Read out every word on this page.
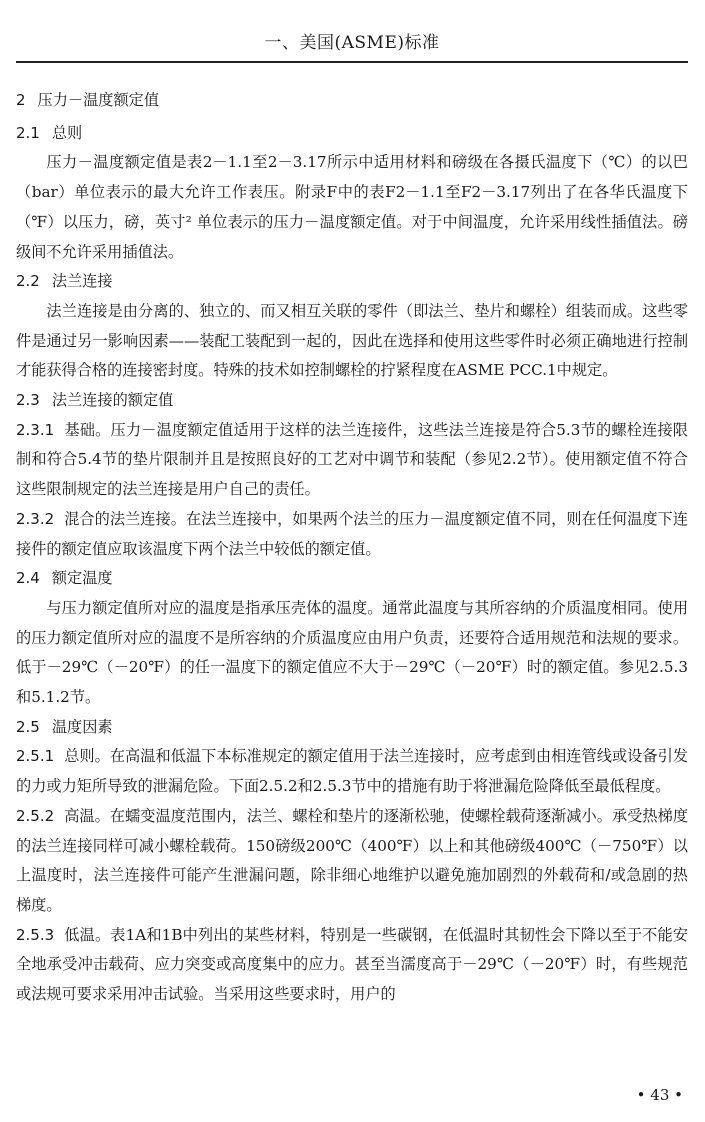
一、美国(ASME)标准

2 压力－温度额定值

2.1 总则

压力－温度额定值是表2－1.1至2－3.17所示中适用材料和磅级在各摄氏温度下（℃）的以巴（bar）单位表示的最大允许工作表压。附录F中的表F2－1.1至F2－3.17列出了在各华氏温度下（℉）以压力，磅，英寸² 单位表示的压力－温度额定值。对于中间温度，允许采用线性插值法。磅级间不允许采用插值法。

2.2 法兰连接

法兰连接是由分离的、独立的、而又相互关联的零件（即法兰、垫片和螺栓）组装而成。这些零件是通过另一影响因素——装配工装配到一起的，因此在选择和使用这些零件时必须正确地进行控制才能获得合格的连接密封度。特殊的技术如控制螺栓的拧紧程度在ASME PCC.1中规定。

2.3 法兰连接的额定值

2.3.1 基础。压力－温度额定值适用于这样的法兰连接件，这些法兰连接是符合5.3节的螺栓连接限制和符合5.4节的垫片限制并且是按照良好的工艺对中调节和装配（参见2.2节）。使用额定值不符合这些限制规定的法兰连接是用户自己的责任。

2.3.2 混合的法兰连接。在法兰连接中，如果两个法兰的压力－温度额定值不同，则在任何温度下连接件的额定值应取该温度下两个法兰中较低的额定值。

2.4 额定温度

与压力额定值所对应的温度是指承压壳体的温度。通常此温度与其所容纳的介质温度相同。使用的压力额定值所对应的温度不是所容纳的介质温度应由用户负责，还要符合适用规范和法规的要求。低于－29℃（－20℉）的任一温度下的额定值应不大于－29℃（－20℉）时的额定值。参见2.5.3和5.1.2节。

2.5 温度因素

2.5.1 总则。在高温和低温下本标准规定的额定值用于法兰连接时，应考虑到由相连管线或设备引发的力或力矩所导致的泄漏危险。下面2.5.2和2.5.3节中的措施有助于将泄漏危险降低至最低程度。

2.5.2 高温。在蠕变温度范围内，法兰、螺栓和垫片的逐渐松驰，使螺栓载荷逐渐减小。承受热梯度的法兰连接同样可减小螺栓载荷。150磅级200℃（400℉）以上和其他磅级400℃（－750℉）以上温度时，法兰连接件可能产生泄漏问题，除非细心地维护以避免施加剧烈的外载荷和/或急剧的热梯度。

2.5.3 低温。表1A和1B中列出的某些材料，特别是一些碳钢，在低温时其韧性会下降以至于不能安全地承受冲击载荷、应力突变或高度集中的应力。甚至当濡度高于－29℃（－20℉）时，有些规范或法规可要求采用冲击试验。当采用这些要求时，用户的

• 43 •
